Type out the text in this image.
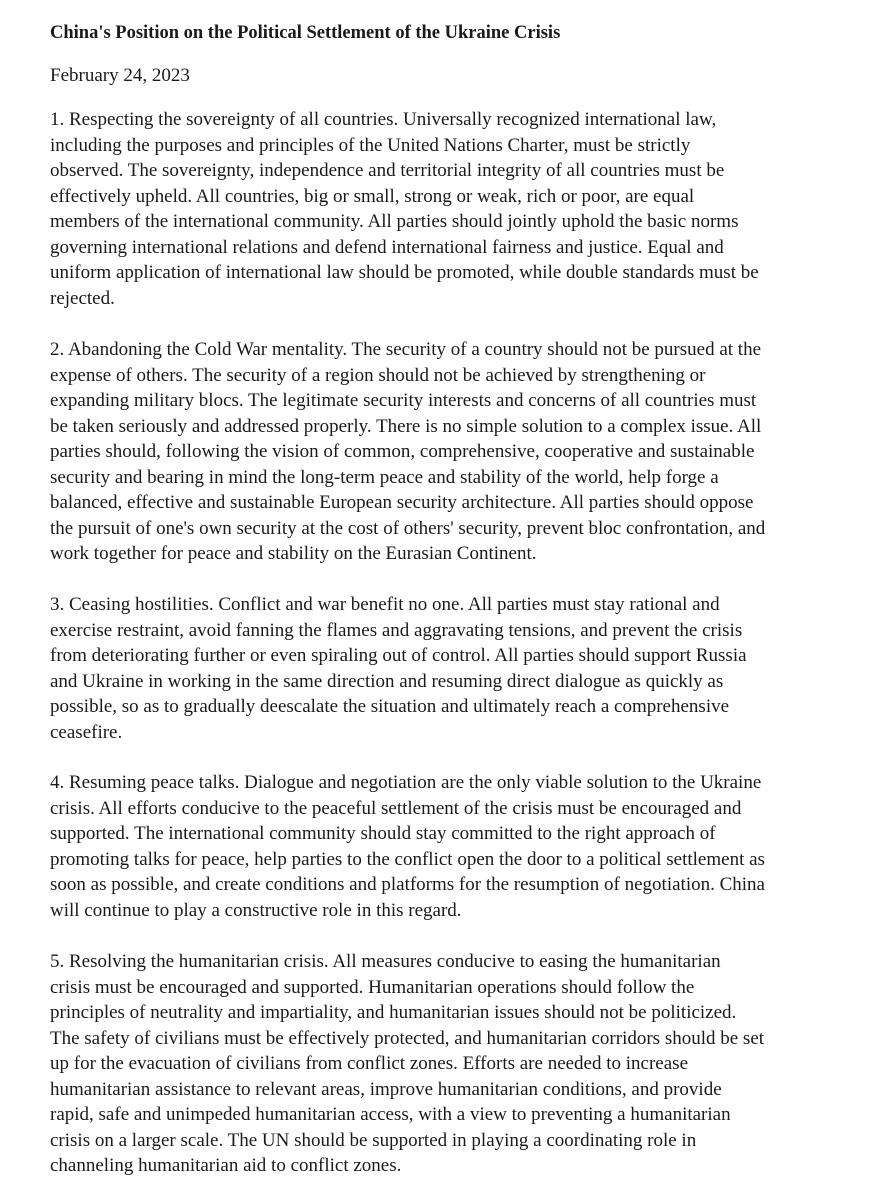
China's Position on the Political Settlement of the Ukraine Crisis

February 24, 2023

1. Respecting the sovereignty of all countries. Universally recognized international law,
including the purposes and principles of the United Nations Charter, must be strictly
observed. The sovereignty, independence and territorial integrity of all countries must be
effectively upheld. All countries, big or small, strong or weak, rich or poor, are equal
members of the international community. All parties should jointly uphold the basic norms
governing international relations and defend international fairness and justice. Equal and
uniform application of international law should be promoted, while double standards must be
rejected.

2. Abandoning the Cold War mentality. The security of a country should not be pursued at the
expense of others. The security of a region should not be achieved by strengthening or
expanding military blocs. The legitimate security interests and concerns of all countries must
be taken seriously and addressed properly. There is no simple solution to a complex issue. All
parties should, following the vision of common, comprehensive, cooperative and sustainable
security and bearing in mind the long-term peace and stability of the world, help forge a
balanced, effective and sustainable European security architecture. All parties should oppose
the pursuit of one's own security at the cost of others' security, prevent bloc confrontation, and
work together for peace and stability on the Eurasian Continent.

3. Ceasing hostilities. Conflict and war benefit no one. All parties must stay rational and
exercise restraint, avoid fanning the flames and aggravating tensions, and prevent the crisis
from deteriorating further or even spiraling out of control. All parties should support Russia
and Ukraine in working in the same direction and resuming direct dialogue as quickly as
possible, so as to gradually deescalate the situation and ultimately reach a comprehensive
ceasefire.

4. Resuming peace talks. Dialogue and negotiation are the only viable solution to the Ukraine
crisis. All efforts conducive to the peaceful settlement of the crisis must be encouraged and
supported. The international community should stay committed to the right approach of
promoting talks for peace, help parties to the conflict open the door to a political settlement as
soon as possible, and create conditions and platforms for the resumption of negotiation. China
will continue to play a constructive role in this regard.

5. Resolving the humanitarian crisis. All measures conducive to easing the humanitarian
crisis must be encouraged and supported. Humanitarian operations should follow the
principles of neutrality and impartiality, and humanitarian issues should not be politicized.
The safety of civilians must be effectively protected, and humanitarian corridors should be set
up for the evacuation of civilians from conflict zones. Efforts are needed to increase
humanitarian assistance to relevant areas, improve humanitarian conditions, and provide
rapid, safe and unimpeded humanitarian access, with a view to preventing a humanitarian
crisis on a larger scale. The UN should be supported in playing a coordinating role in
channeling humanitarian aid to conflict zones.
